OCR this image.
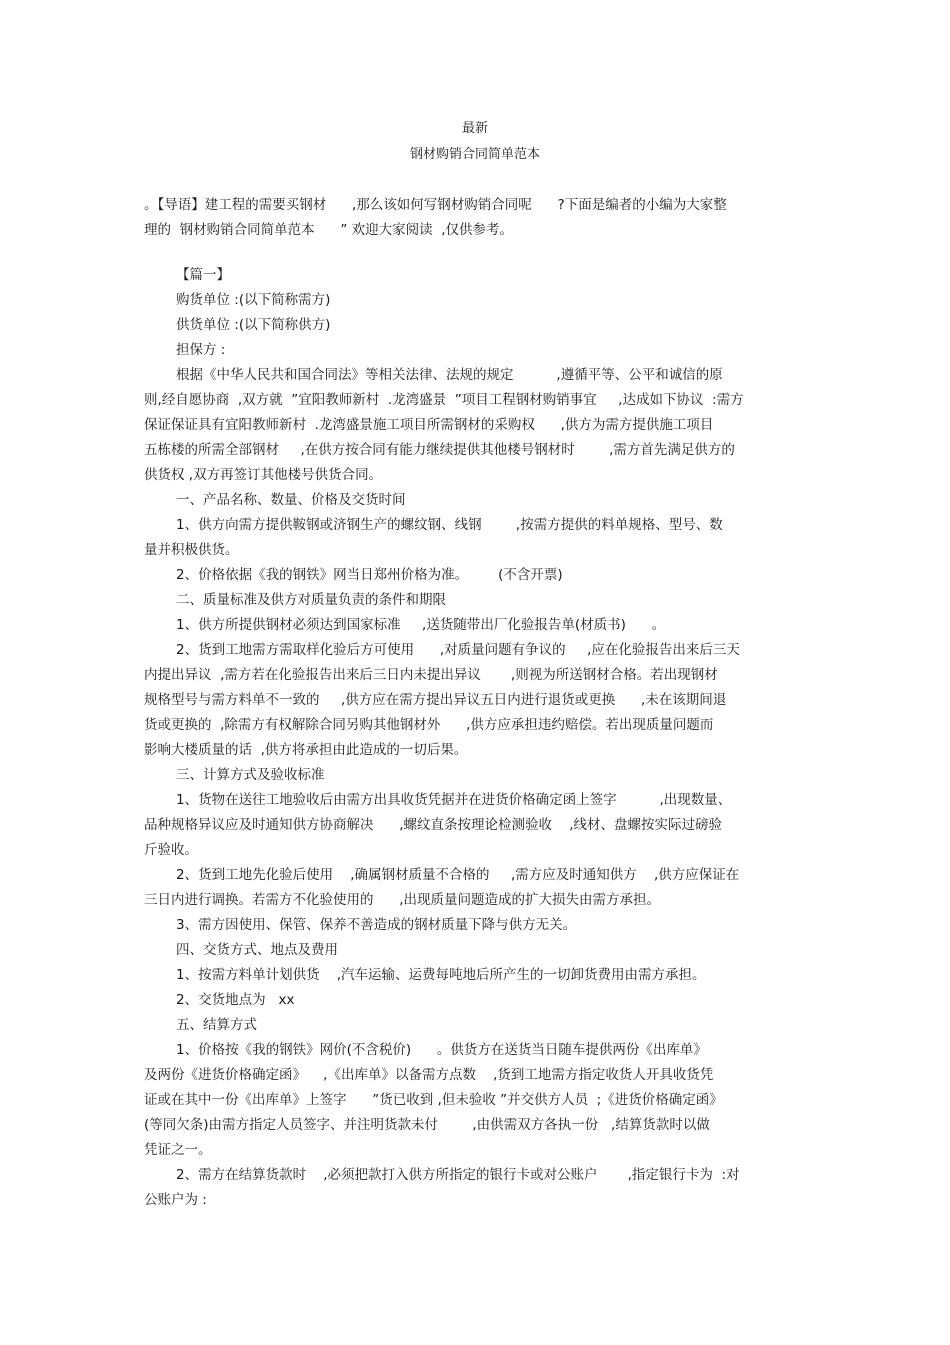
最新
钢材购销合同简单范本
。【导语】建工程的需要买钢材      ,那么该如何写钢材购销合同呢      ?下面是编者的小编为大家整
理的  钢材购销合同简单范本      ” 欢迎大家阅读  ,仅供参考。
【篇一】
购货单位 :(以下简称需方)
供货单位 :(以下简称供方)
担保方 :
根据《中华人民共和国合同法》等相关法律、法规的规定          ,遵循平等、公平和诚信的原
则,经自愿协商  ,双方就  ”宜阳教师新村  .龙湾盛景  ”项目工程钢材购销事宜     ,达成如下协议  :需方
保证保证具有宜阳教师新村  .龙湾盛景施工项目所需钢材的采购权      ,供方为需方提供施工项目
五栋楼的所需全部钢材     ,在供方按合同有能力继续提供其他楼号钢材时        ,需方首先满足供方的
供货权 ,双方再签订其他楼号供货合同。
一、产品名称、数量、价格及交货时间
1、供方向需方提供鞍钢或济钢生产的螺纹钢、线钢        ,按需方提供的料单规格、型号、数
量并积极供货。
2、价格依据《我的钢铁》网当日郑州价格为准。       (不含开票)
二、质量标准及供方对质量负责的条件和期限
1、供方所提供钢材必须达到国家标准     ,送货随带出厂化验报告单(材质书)      。
2、货到工地需方需取样化验后方可使用      ,对质量问题有争议的     ,应在化验报告出来后三天
内提出异议  ,需方若在化验报告出来后三日内未提出异议       ,则视为所送钢材合格。若出现钢材
规格型号与需方料单不一致的     ,供方应在需方提出异议五日内进行退货或更换      ,未在该期间退
货或更换的  ,除需方有权解除合同另购其他钢材外      ,供方应承担违约赔偿。若出现质量问题而
影响大楼质量的话  ,供方将承担由此造成的一切后果。
三、计算方式及验收标准
1、货物在送往工地验收后由需方出具收货凭据并在进货价格确定函上签字          ,出现数量、
品种规格异议应及时通知供方协商解决      ,螺纹直条按理论检测验收    ,线材、盘螺按实际过磅验
斤验收。
2、货到工地先化验后使用    ,确属钢材质量不合格的     ,需方应及时通知供方    ,供方应保证在
三日内进行调换。若需方不化验使用的      ,出现质量问题造成的扩大损失由需方承担。
3、需方因使用、保管、保养不善造成的钢材质量下降与供方无关。
四、交货方式、地点及费用
1、按需方料单计划供货    ,汽车运输、运费每吨地后所产生的一切卸货费用由需方承担。
2、交货地点为   xx
五、结算方式
1、价格按《我的钢铁》网价(不含税价)      。供货方在送货当日随车提供两份《出库单》
及两份《进货价格确定函》    ,《出库单》以备需方点数    ,货到工地需方指定收货人开具收货凭
证或在其中一份《出库单》上签字      ”货已收到 ,但未验收 ”并交供方人员  ;《进货价格确定函》
(等同欠条)由需方指定人员签字、并注明货款未付        ,由供需双方各执一份   ,结算货款时以做
凭证之一。
2、需方在结算货款时    ,必须把款打入供方所指定的银行卡或对公账户       ,指定银行卡为  :对
公账户为 :
